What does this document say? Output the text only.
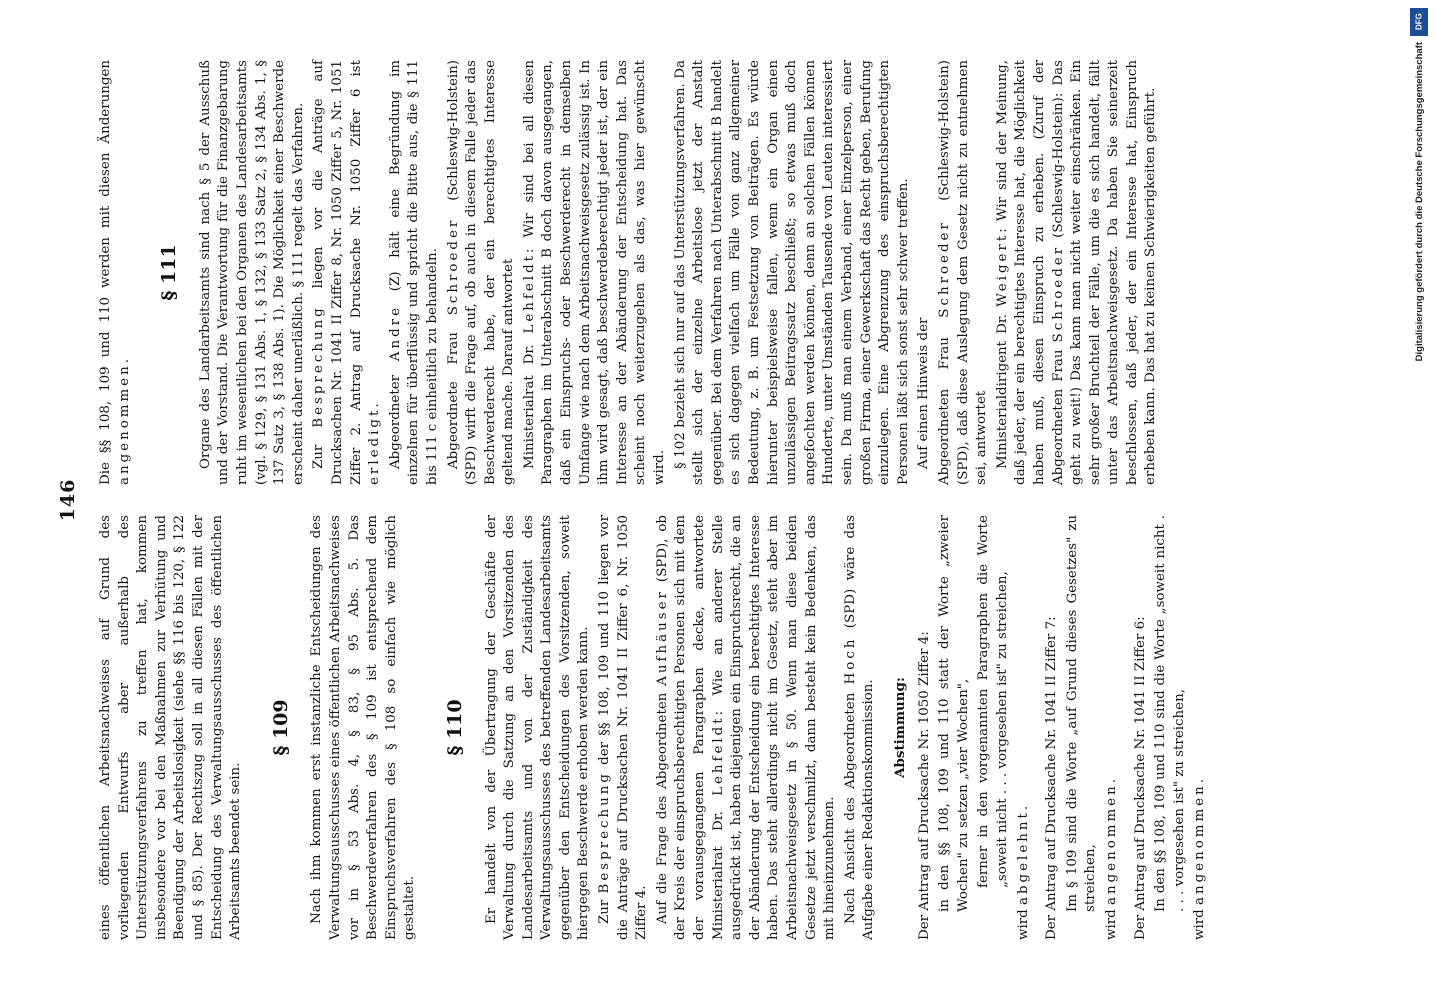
146

eines öffentlichen Arbeitsnachweises auf Grund des vorliegenden Entwurfs aber außerhalb des Unterstützungsverfahrens zu treffen hat, kommen insbesondere vor bei den Maßnahmen zur Verhütung und Beendigung der Arbeitslosigkeit (siehe §§ 116 bis 120, § 122 und § 85). Der Rechtszug soll in all diesen Fällen mit der Entscheidung des Verwaltungsausschusses des öffentlichen Arbeitsamts beendet sein.

§ 109 Nach ihm kommen erst instanzliche Entscheidungen des Verwaltungsausschusses eines öffentlichen Arbeitsnachweises vor in § 53 Abs. 4, § 83, § 95 Abs. 5. Das Beschwerdeverfahren des § 109 ist entsprechend dem Einspruchsverfahren des § 108 so einfach wie möglich gestaltet.

§ 110 Er handelt von der Übertragung der Geschäfte der Verwaltung durch die Satzung an den Vorsitzenden des Landesarbeitsamts und von der Zuständigkeit des Verwaltungsausschusses des betreffenden Landesarbeitsamts gegenüber den Entscheidungen des Vorsitzenden, soweit hiergegen Beschwerde erhoben werden kann. Zur Besprechung der §§ 108, 109 und 110 liegen vor die Anträge auf Drucksachen Nr. 1041 II Ziffer 6, Nr. 1050 Ziffer 4. Auf die Frage des Abgeordneten Aufhäuser (SPD), ob der Kreis der einspruchsberechtigten Personen sich mit dem der vorausgegangenen Paragraphen decke, antwortete Ministerialrat Dr. Lehfeldt: Wie an anderer Stelle ausgedrückt ist, haben diejenigen ein Einspruchsrecht, die an der Abänderung der Entscheidung ein berechtigtes Interesse haben. Das steht allerdings nicht im Gesetz, steht aber im Arbeitsnachweisgesetz in § 50. Wenn man diese beiden Gesetze jetzt verschmilzt, dann besteht kein Bedenken, das mit hineinzunehmen. Nach Ansicht des Abgeordneten Hoch (SPD) wäre das Aufgabe einer Redaktionskommission. Abstimmung: Der Antrag auf Drucksache Nr. 1050 Ziffer 4: in den §§ 108, 109 und 110 statt der Worte „zweier Wochen" zu setzen „vier Wochen", ferner in den vorgenannten Paragraphen die Worte „soweit nicht . . . vorgesehen ist" zu streichen,

wird abgelehnt. Der Antrag auf Drucksache Nr. 1041 II Ziffer 7: Im § 109 sind die Worte „auf Grund dieses Gesetzes" zu streichen,

wird angenommen. Der Antrag auf Drucksache Nr. 1041 II Ziffer 6: In den §§ 108, 109 und 110 sind die Worte „soweit nicht . . . . vorgesehen ist" zu streichen,

wird angenommen.

Die §§ 108, 109 und 110 werden mit diesen Änderungen angenommen.

§ 111 Organe des Landarbeitsamts sind nach § 5 der Ausschuß und der Vorstand. Die Verantwortung für die Finanzgebarung ruht im wesentlichen bei den Organen des Landesarbeitsamts (vgl. § 129, § 131 Abs. 1, § 132, § 133 Satz 2, § 134 Abs. 1, § 137 Satz 3, § 138 Abs. 1). Die Möglichkeit einer Beschwerde erscheint daher unerläßlich. § 111 regelt das Verfahren. Zur Besprechung liegen vor die Anträge auf Drucksachen Nr. 1041 II Ziffer 8, Nr. 1050 Ziffer 5, Nr. 1051 Ziffer 2. Antrag auf Drucksache Nr. 1050 Ziffer 6 ist erledigt. Abgeordneter Andre (Z) hält eine Begründung im einzelnen für überflüssig und spricht die Bitte aus, die § 111 bis 111 c einheitlich zu behandeln. Abgeordnete Frau Schroeder (Schleswig-Holstein) (SPD) wirft die Frage auf, ob auch in diesem Falle jeder das Beschwerderecht habe, der ein berechtigtes Interesse geltend mache. Darauf antwortet Ministerialrat Dr. Lehfeldt: Wir sind bei all diesen Paragraphen im Unterabschnitt B doch davon ausgegangen, daß ein Einspruchs- oder Beschwerderecht in demselben Umfange wie nach dem Arbeitsnachweisgesetz zulässig ist. In ihm wird gesagt, daß beschwerdeberechtigt jeder ist, der ein Interesse an der Abänderung der Entscheidung hat. Das scheint noch weiterzugehen als das, was hier gewünscht wird. § 102 bezieht sich nur auf das Unterstützungsverfahren. Da stellt sich der einzelne Arbeitslose jetzt der Anstalt gegenüber. Bei dem Verfahren nach Unterabschnitt B handelt es sich dagegen vielfach um Fälle von ganz allgemeiner Bedeutung, z. B. um Festsetzung von Beiträgen. Es würde hierunter beispielsweise fallen, wenn ein Organ einen unzulässigen Beitragssatz beschließt; so etwas muß doch angefochten werden können, denn an solchen Fällen können Hunderte, unter Umständen Tausende von Leuten interessiert sein. Da muß man einem Verband, einer Einzelperson, einer großen Firma, einer Gewerkschaft das Recht geben, Berufung einzulegen. Eine Abgrenzung des einspruchsberechtigten Personen läßt sich sonst sehr schwer treffen. Auf einen Hinweis der Abgeordneten Frau Schroeder (Schleswig-Holstein) (SPD), daß diese Auslegung dem Gesetz nicht zu entnehmen sei, antwortet Ministerialdirigent Dr. Weigert: Wir sind der Meinung, daß jeder, der ein berechtigtes Interesse hat, die Möglichkeit haben muß, diesen Einspruch zu erheben. (Zuruf der Abgeordneten Frau Schroeder (Schleswig-Holstein): Das geht zu weit!) Das kann man nicht weiter einschränken. Ein sehr großer Bruchteil der Fälle, um die es sich handelt, fällt unter das Arbeitsnachweisgesetz. Da haben Sie seinerzeit beschlossen, daß jeder, der ein Interesse hat, Einspruch erheben kann. Das hat zu keinen Schwierigkeiten geführt.

DFG
Digitalisierung gefördert durch die Deutsche Forschungsgemeinschaft
